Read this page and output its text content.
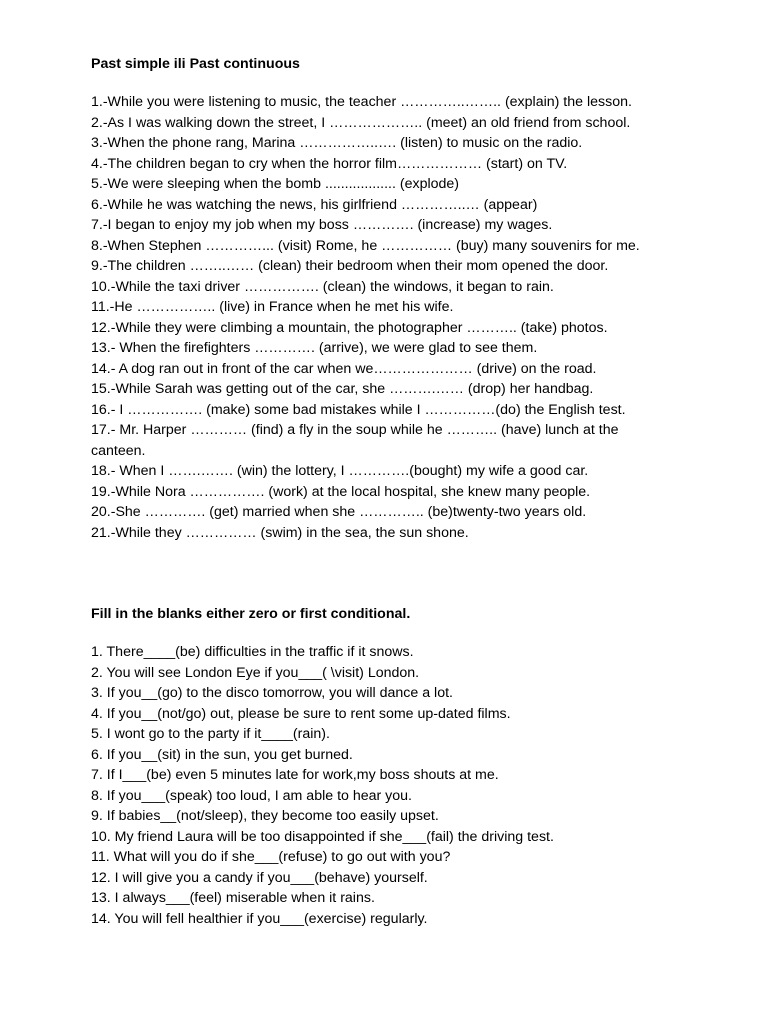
Past simple ili Past continuous
1.-While you were listening to music, the teacher …………..…….. (explain) the lesson.
2.-As I was walking down the street, I ……………….. (meet) an old friend from school.
3.-When the phone rang, Marina ……………..…. (listen) to music on the radio.
4.-The children began to cry when the horror film……………… (start) on TV.
5.-We were sleeping when the bomb .................. (explode)
6.-While he was watching the news, his girlfriend …………..… (appear)
7.-I began to enjoy my job when my boss …………. (increase) my wages.
8.-When Stephen …………... (visit) Rome, he …………… (buy) many souvenirs for me.
9.-The children ……..…… (clean) their bedroom when their mom opened the door.
10.-While the taxi driver ……………. (clean) the windows, it began to rain.
11.-He …………….. (live) in France when he met his wife.
12.-While they were climbing a mountain, the photographer ……….. (take) photos.
13.- When the firefighters …………. (arrive), we were glad to see them.
14.- A dog ran out in front of the car when we………………… (drive) on the road.
15.-While Sarah was getting out of the car, she ……….…… (drop) her handbag.
16.- I ……………. (make) some bad mistakes while I ……………(do) the English test.
17.- Mr. Harper ………… (find) a fly in the soup while he ……….. (have) lunch at the
canteen.
18.- When I …….……. (win) the lottery, I ………….(bought) my wife a good car.
19.-While Nora ……………. (work) at the local hospital, she knew many people.
20.-She …………. (get) married when she ………….. (be)twenty-two years old.
21.-While they …………… (swim) in the sea, the sun shone.
Fill in the blanks either zero or first conditional.
1. There____(be) difficulties in the traffic if it snows.
2. You will see London Eye if you___( \visit) London.
3. If you__(go) to the disco tomorrow, you will dance a lot.
4. If you__(not/go) out, please be sure to rent some up-dated films.
5. I wont go to the party if it____(rain).
6. If you__(sit) in the sun, you get burned.
7. If I___(be) even 5 minutes late for work,my boss shouts at me.
8. If you___(speak) too loud, I am able to hear you.
9. If babies__(not/sleep), they become too easily upset.
10. My friend Laura will be too disappointed if she___(fail) the driving test.
11. What will you do if she___(refuse) to go out with you?
12. I will give you a candy if you___(behave) yourself.
13. I always___(feel) miserable when it rains.
14. You will fell healthier if you___(exercise) regularly.
